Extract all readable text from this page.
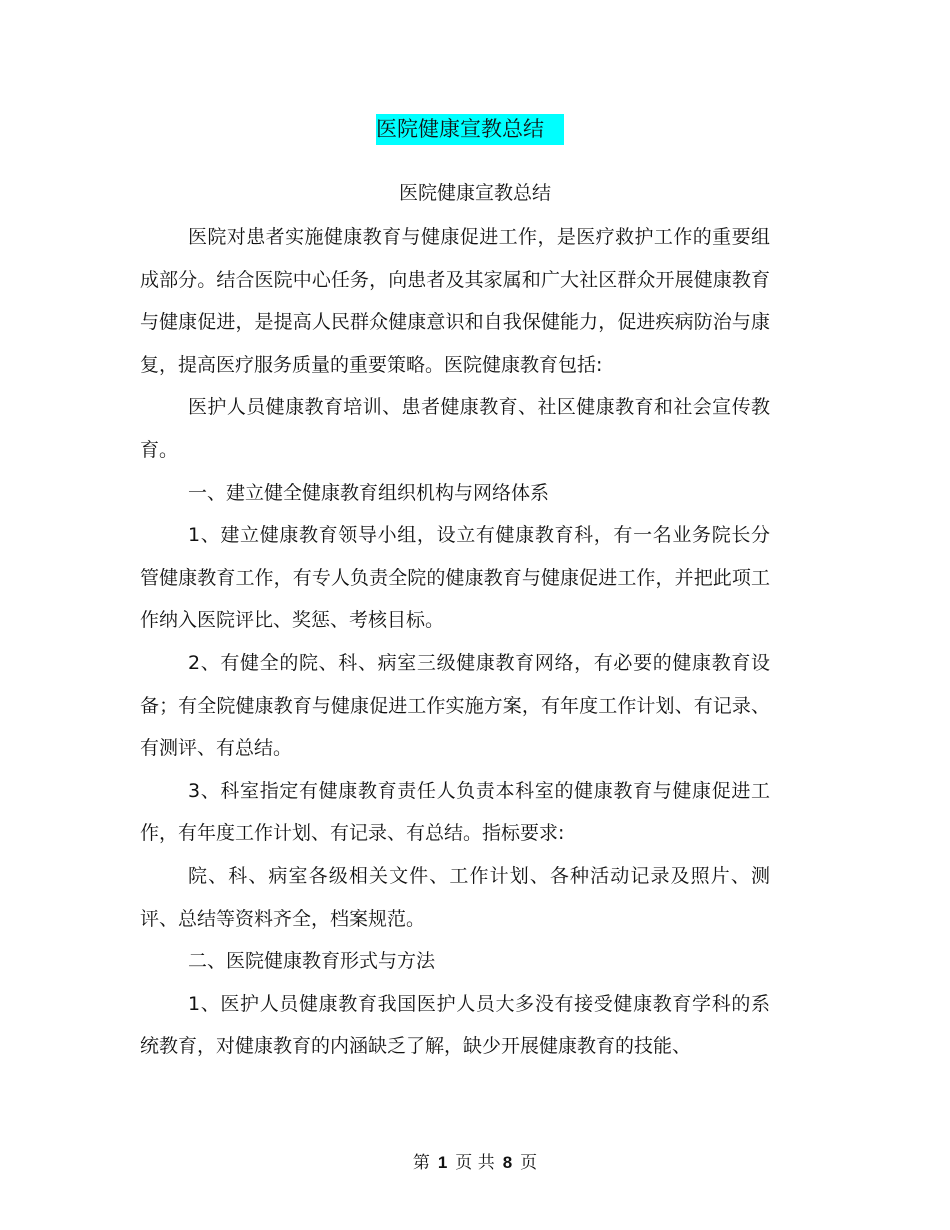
医院健康宣教总结
医院健康宣教总结

医院对患者实施健康教育与健康促进工作，是医疗救护工作的重要组成部分。结合医院中心任务，向患者及其家属和广大社区群众开展健康教育与健康促进，是提高人民群众健康意识和自我保健能力，促进疾病防治与康复，提高医疗服务质量的重要策略。医院健康教育包括:

医护人员健康教育培训、患者健康教育、社区健康教育和社会宣传教育。

一、建立健全健康教育组织机构与网络体系

1、建立健康教育领导小组，设立有健康教育科，有一名业务院长分管健康教育工作，有专人负责全院的健康教育与健康促进工作，并把此项工作纳入医院评比、奖惩、考核目标。

2、有健全的院、科、病室三级健康教育网络，有必要的健康教育设备；有全院健康教育与健康促进工作实施方案，有年度工作计划、有记录、有测评、有总结。

3、科室指定有健康教育责任人负责本科室的健康教育与健康促进工作，有年度工作计划、有记录、有总结。指标要求:

院、科、病室各级相关文件、工作计划、各种活动记录及照片、测评、总结等资料齐全，档案规范。

二、医院健康教育形式与方法

1、医护人员健康教育我国医护人员大多没有接受健康教育学科的系统教育，对健康教育的内涵缺乏了解，缺少开展健康教育的技能、

第 1 页 共 8 页
